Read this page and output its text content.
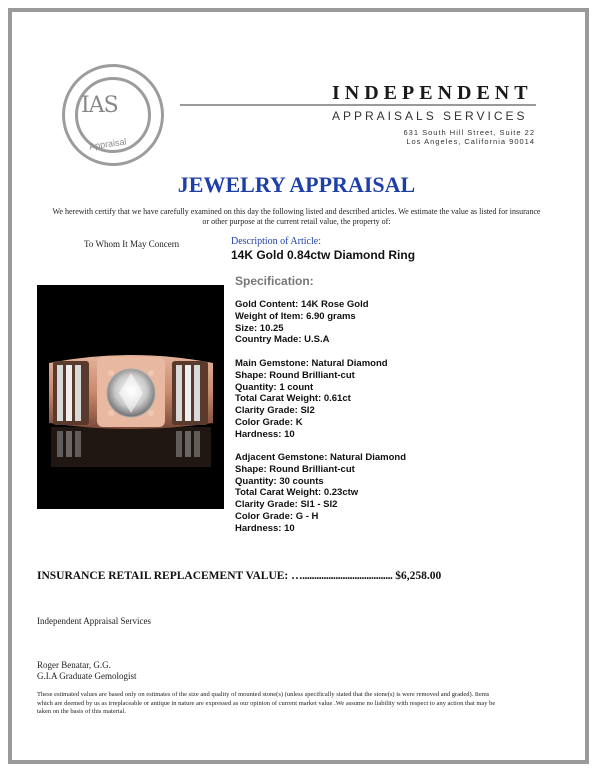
IAS
Appraisal
INDEPENDENT
APPRAISALS SERVICES
631 South Hill Street, Suite 22
Los Angeles, California 90014
JEWELRY APPRAISAL
We herewith certify that we have carefully examined on this day the following listed and described articles. We estimate the value as listed for insurance or other purpose at the current retail value, the property of:
To Whom It May Concern	Description of Article:
14K Gold 0.84ctw Diamond Ring
Specification:
Gold Content: 14K Rose Gold
Weight of Item: 6.90 grams
Size: 10.25
Country Made: U.S.A
Main Gemstone: Natural Diamond
Shape: Round Brilliant-cut
Quantity: 1 count
Total Carat Weight: 0.61ct
Clarity Grade: SI2
Color Grade: K
Hardness: 10
Adjacent Gemstone: Natural Diamond
Shape: Round Brilliant-cut
Quantity: 30 counts
Total Carat Weight: 0.23ctw
Clarity Grade: SI1 - SI2
Color Grade: G - H
Hardness: 10
INSURANCE RETAIL REPLACEMENT VALUE: …...................................... $6,258.00
Independent Appraisal Services
Roger Benatar, G.G.
G.I.A Graduate Gemologist
These estimated values are based only on estimates of the size and quality of mounted stone(s) (unless specifically stated that the stone(s) is were removed and graded). Items which are deemed by us as irreplaceable or antique in nature are expressed as our opinion of current market value .We assume no liability with respect to any action that may be taken on the basis of this material.
